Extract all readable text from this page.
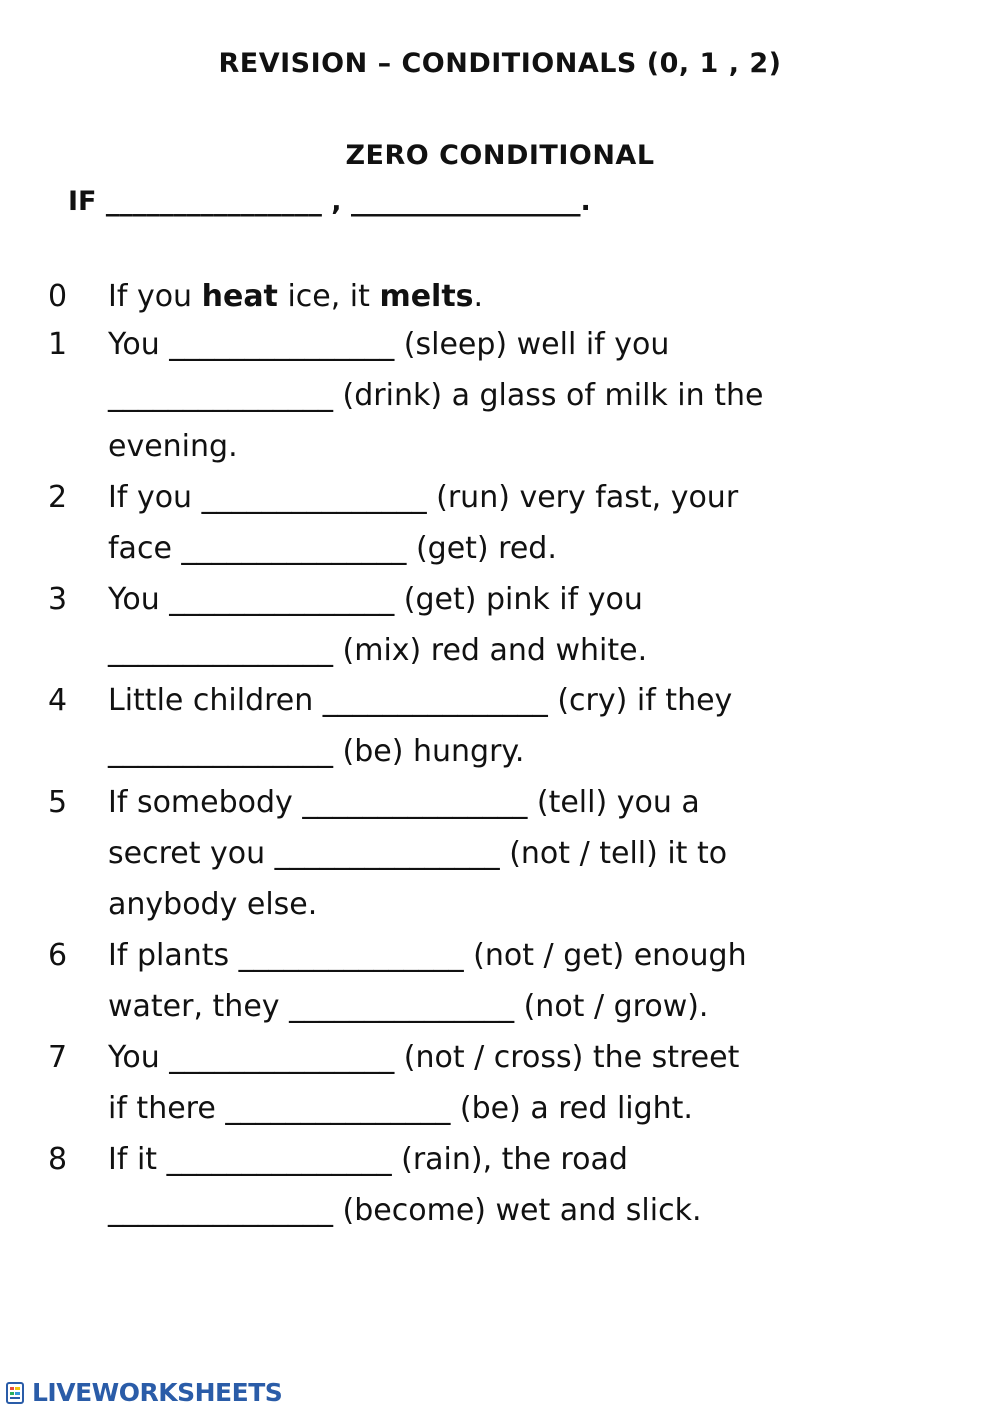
REVISION – CONDITIONALS (0, 1 , 2)
ZERO CONDITIONAL
IF ________________ , _________________.
0	If you heat ice, it melts.
1	You _______________ (sleep) well if you
_______________ (drink) a glass of milk in the
evening.
2	If you _______________ (run) very fast, your
face _______________ (get) red.
3	You _______________ (get) pink if you
_______________ (mix) red and white.
4	Little children _______________ (cry) if they
_______________ (be) hungry.
5	If somebody _______________ (tell) you a
secret you _______________ (not / tell) it to
anybody else.
6	If plants _______________ (not / get) enough
water, they _______________ (not / grow).
7	You _______________ (not / cross) the street
if there _______________ (be) a red light.
8	If it _______________ (rain), the road
_______________ (become) wet and slick.
LIVEWORKSHEETS
